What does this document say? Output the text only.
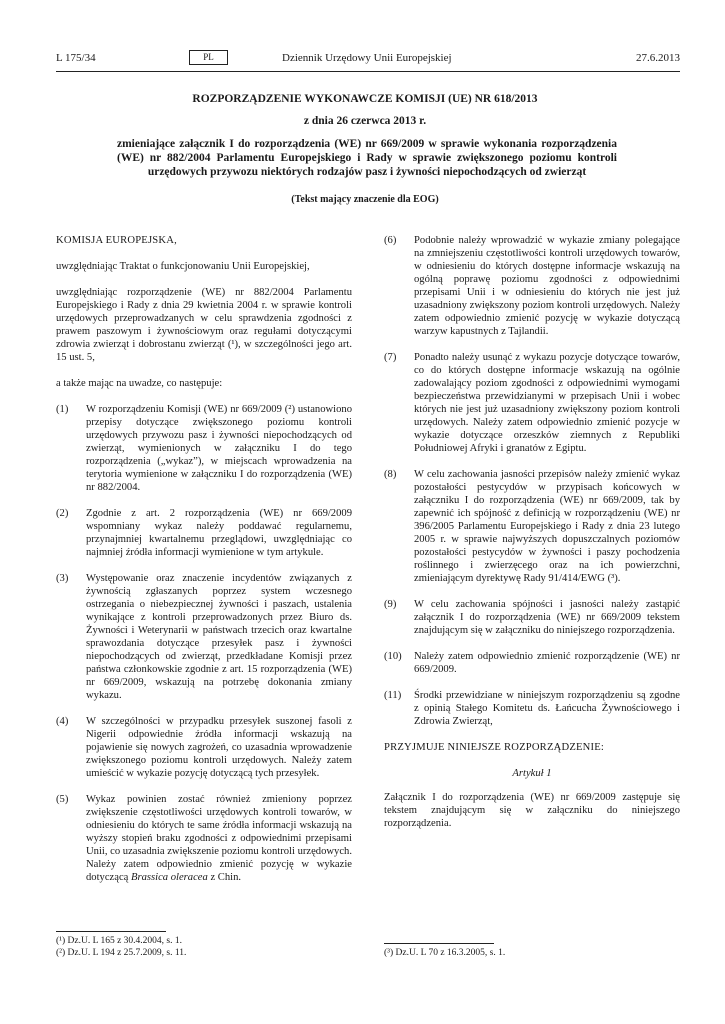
L 175/34	PL	Dziennik Urzędowy Unii Europejskiej	27.6.2013
ROZPORZĄDZENIE WYKONAWCZE KOMISJI (UE) NR 618/2013
z dnia 26 czerwca 2013 r.
zmieniające załącznik I do rozporządzenia (WE) nr 669/2009 w sprawie wykonania rozporządzenia (WE) nr 882/2004 Parlamentu Europejskiego i Rady w sprawie zwiększonego poziomu kontroli urzędowych przywozu niektórych rodzajów pasz i żywności niepochodzących od zwierząt
(Tekst mający znaczenie dla EOG)

KOMISJA EUROPEJSKA,

uwzględniając Traktat o funkcjonowaniu Unii Europejskiej,

uwzględniając rozporządzenie (WE) nr 882/2004 Parlamentu Europejskiego i Rady z dnia 29 kwietnia 2004 r. w sprawie kontroli urzędowych przeprowadzanych w celu sprawdzenia zgodności z prawem paszowym i żywnościowym oraz regułami dotyczącymi zdrowia zwierząt i dobrostanu zwierząt (¹), w szczególności jego art. 15 ust. 5,

a także mając na uwadze, co następuje:

(1) W rozporządzeniu Komisji (WE) nr 669/2009 (²) ustanowiono przepisy dotyczące zwiększonego poziomu kontroli urzędowych przywozu pasz i żywności niepochodzących od zwierząt, wymienionych w załączniku I do tego rozporządzenia („wykaz”), w miejscach wprowadzenia na terytoria wymienione w załączniku I do rozporządzenia (WE) nr 882/2004.
(2) Zgodnie z art. 2 rozporządzenia (WE) nr 669/2009 wspomniany wykaz należy poddawać regularnemu, przynajmniej kwartalnemu przeglądowi, uwzględniając co najmniej źródła informacji wymienione w tym artykule.
(3) Występowanie oraz znaczenie incydentów związanych z żywnością zgłaszanych poprzez system wczesnego ostrzegania o niebezpiecznej żywności i paszach, ustalenia wynikające z kontroli przeprowadzonych przez Biuro ds. Żywności i Weterynarii w państwach trzecich oraz kwartalne sprawozdania dotyczące przesyłek pasz i żywności niepochodzących od zwierząt, przedkładane Komisji przez państwa członkowskie zgodnie z art. 15 rozporządzenia (WE) nr 669/2009, wskazują na potrzebę dokonania zmiany wykazu.
(4) W szczególności w przypadku przesyłek suszonej fasoli z Nigerii odpowiednie źródła informacji wskazują na pojawienie się nowych zagrożeń, co uzasadnia wprowadzenie zwiększonego poziomu kontroli urzędowych. Należy zatem umieścić w wykazie pozycję dotyczącą tych przesyłek.
(5) Wykaz powinien zostać również zmieniony poprzez zwiększenie częstotliwości urzędowych kontroli towarów, w odniesieniu do których te same źródła informacji wskazują na wyższy stopień braku zgodności z odpowiednimi przepisami Unii, co uzasadnia zwiększenie poziomu kontroli urzędowych. Należy zatem odpowiednio zmienić pozycję w wykazie dotyczącą Brassica oleracea z Chin.
(6) Podobnie należy wprowadzić w wykazie zmiany polegające na zmniejszeniu częstotliwości kontroli urzędowych towarów, w odniesieniu do których dostępne informacje wskazują na ogólną poprawę poziomu zgodności z odpowiednimi przepisami Unii i w odniesieniu do których nie jest już uzasadniony zwiększony poziom kontroli urzędowych. Należy zatem odpowiednio zmienić pozycję w wykazie dotyczącą warzyw kapustnych z Tajlandii.
(7) Ponadto należy usunąć z wykazu pozycje dotyczące towarów, co do których dostępne informacje wskazują na ogólnie zadowalający poziom zgodności z odpowiednimi wymogami bezpieczeństwa przewidzianymi w przepisach Unii i wobec których nie jest już uzasadniony zwiększony poziom kontroli urzędowych. Należy zatem odpowiednio zmienić pozycje w wykazie dotyczące orzeszków ziemnych z Republiki Południowej Afryki i granatów z Egiptu.
(8) W celu zachowania jasności przepisów należy zmienić wykaz pozostałości pestycydów w przypisach końcowych w załączniku I do rozporządzenia (WE) nr 669/2009, tak by zapewnić ich spójność z definicją w rozporządzeniu (WE) nr 396/2005 Parlamentu Europejskiego i Rady z dnia 23 lutego 2005 r. w sprawie najwyższych dopuszczalnych poziomów pozostałości pestycydów w żywności i paszy pochodzenia roślinnego i zwierzęcego oraz na ich powierzchni, zmieniającym dyrektywę Rady 91/414/EWG (³).
(9) W celu zachowania spójności i jasności należy zastąpić załącznik I do rozporządzenia (WE) nr 669/2009 tekstem znajdującym się w załączniku do niniejszego rozporządzenia.
(10) Należy zatem odpowiednio zmienić rozporządzenie (WE) nr 669/2009.
(11) Środki przewidziane w niniejszym rozporządzeniu są zgodne z opinią Stałego Komitetu ds. Łańcucha Żywnościowego i Zdrowia Zwierząt,

PRZYJMUJE NINIEJSZE ROZPORZĄDZENIE:

Artykuł 1

Załącznik I do rozporządzenia (WE) nr 669/2009 zastępuje się tekstem znajdującym się w załączniku do niniejszego rozporządzenia.

(¹) Dz.U. L 165 z 30.4.2004, s. 1.
(²) Dz.U. L 194 z 25.7.2009, s. 11.	(³) Dz.U. L 70 z 16.3.2005, s. 1.
